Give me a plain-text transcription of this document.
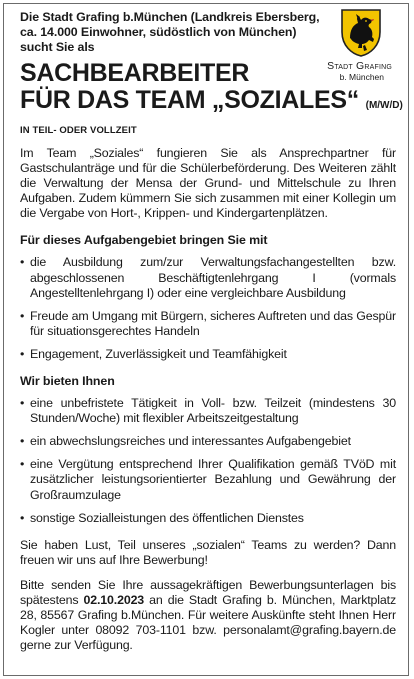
Stadt Grafing
b. München
Die Stadt Grafing b.München (Landkreis Ebersberg,
ca. 14.000 Einwohner, südöstlich von München)
sucht Sie als
SACHBEARBEITER
FÜR DAS TEAM „SOZIALES“ (M/W/D)
IN TEIL- ODER VOLLZEIT
Im Team „Soziales“ fungieren Sie als Ansprechpartner für Gastschulanträge und für die Schülerbeförderung. Des Weiteren zählt die Verwaltung der Mensa der Grund- und Mittelschule zu Ihren Aufgaben. Zudem kümmern Sie sich zusammen mit einer Kollegin um die Vergabe von Hort-, Krippen- und Kindergartenplätzen.
Für dieses Aufgabengebiet bringen Sie mit
• die Ausbildung zum/zur Verwaltungsfachangestellten bzw. abgeschlossenen Beschäftigtenlehrgang I (vormals Angestelltenlehrgang I) oder eine vergleichbare Ausbildung
• Freude am Umgang mit Bürgern, sicheres Auftreten und das Gespür für situationsgerechtes Handeln
• Engagement, Zuverlässigkeit und Teamfähigkeit
Wir bieten Ihnen
• eine unbefristete Tätigkeit in Voll- bzw. Teilzeit (mindestens 30 Stunden/Woche) mit flexibler Arbeitszeitgestaltung
• ein abwechslungsreiches und interessantes Aufgabengebiet
• eine Vergütung entsprechend Ihrer Qualifikation gemäß TVöD mit zusätzlicher leistungsorientierter Bezahlung und Gewährung der Großraumzulage
• sonstige Sozialleistungen des öffentlichen Dienstes
Sie haben Lust, Teil unseres „sozialen“ Teams zu werden? Dann freuen wir uns auf Ihre Bewerbung!
Bitte senden Sie Ihre aussagekräftigen Bewerbungsunterlagen bis spätestens 02.10.2023 an die Stadt Grafing b. München, Marktplatz 28, 85567 Grafing b.München. Für weitere Auskünfte steht Ihnen Herr Kogler unter 08092 703-1101 bzw. personalamt@grafing.bayern.de gerne zur Verfügung.
